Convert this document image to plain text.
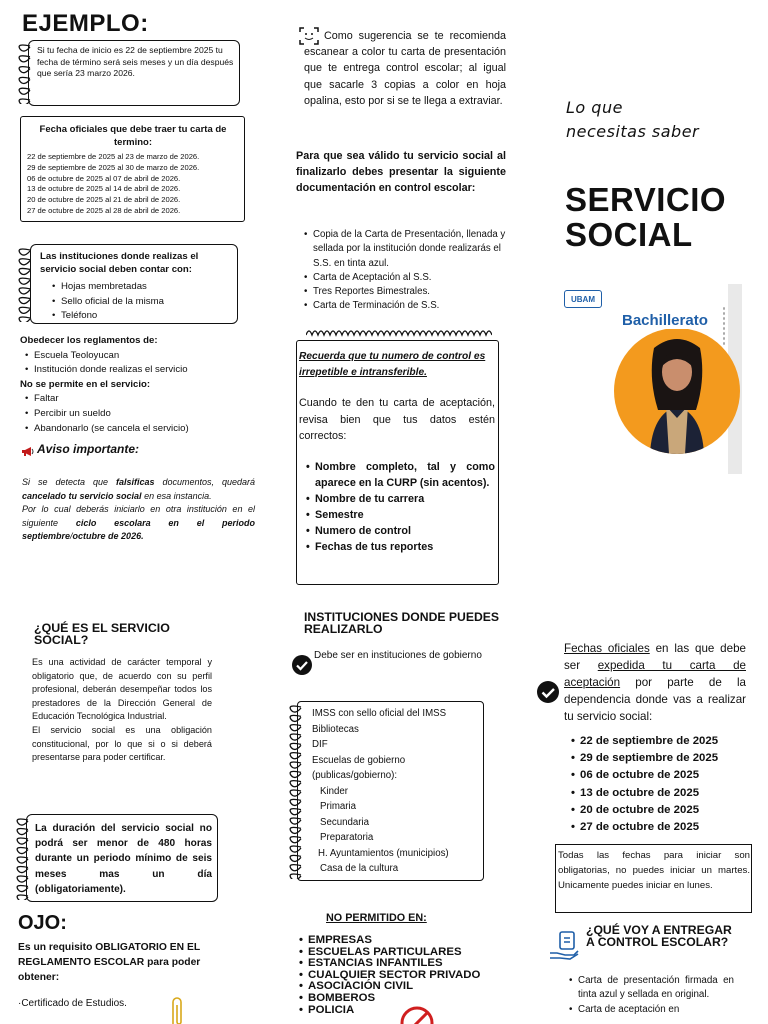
EJEMPLO:

Si tu fecha de inicio es 22 de septiembre 2025 tu fecha de término será seis meses y un día después que sería 23 marzo 2026.

Fecha oficiales que debe traer tu carta de termino:

22 de septiembre de 2025 al 23 de marzo de 2026.
29 de septiembre de 2025 al 30 de marzo de 2026.
06 de octubre de 2025 al 07 de abril de 2026.
13 de octubre de 2025 al 14 de abril de 2026.
20 de octubre de 2025 al 21 de abril de 2026.
27 de octubre de 2025 al 28 de abril de 2026.

Las instituciones donde realizas el servicio social deben contar con:

• Hojas membretadas
• Sello oficial de la misma
• Teléfono
Obedecer los reglamentos de:
• Escuela Teoloyucan
• Institución donde realizas el servicio
No se permite en el servicio:
• Faltar
• Percibir un sueldo
• Abandonarlo (se cancela el servicio)
Aviso importante:

Si se detecta que falsificas documentos, quedará cancelado tu servicio social en esa instancia.

Por lo cual deberás iniciarlo en otra institución en el siguiente ciclo escolara en el periodo septiembre/octubre de 2026.

Como sugerencia se te recomienda escanear a color tu carta de presentación que te entrega control escolar; al igual que sacarle 3 copias a color en hoja opalina, esto por si se te llega a extraviar.

Para que sea válido tu servicio social al finalizarlo debes presentar la siguiente documentación en control escolar:

• Copia de la Carta de Presentación, llenada y sellada por la institución donde realizarás el S.S. en tinta azul.
• Carta de Aceptación al S.S.
• Tres Reportes Bimestrales.
• Carta de Terminación de S.S.

Recuerda que tu numero de control es irrepetible e intransferible.

Cuando te den tu carta de aceptación, revisa bien que tus datos estén correctos:

• Nombre completo, tal y como aparece en la CURP (sin acentos).
• Nombre de tu carrera
• Semestre
• Numero de control
• Fechas de tus reportes
Lo que
necesitas saber
SERVICIO
SOCIAL
UBAM
Bachillerato

¿QUÉ ES EL SERVICIO SOCIAL?

Es una actividad de carácter temporal y obligatorio que, de acuerdo con su perfil profesional, deberán desempeñar todos los prestadores de la Dirección General de Educación Tecnológica Industrial.

El servicio social es una obligación constitucional, por lo que si o si deberá presentarse para poder certificar.

La duración del servicio social no podrá ser menor de 480 horas durante un periodo mínimo de seis meses mas un día (obligatoriamente).

OJO:

Es un requisito OBLIGATORIO EN EL REGLAMENTO ESCOLAR para poder obtener:

·Certificado de Estudios.

INSTITUCIONES DONDE PUEDES REALIZARLO

Debe ser en instituciones de gobierno

IMSS con sello oficial del IMSS
Bibliotecas
DIF
Escuelas de gobierno
(publicas/gobierno):
Kinder
Primaria
Secundaria
Preparatoria
H. Ayuntamientos (municipios)
Casa de la cultura

NO PERMITIDO EN:

• EMPRESAS
• ESCUELAS PARTICULARES
• ESTANCIAS INFANTILES
• CUALQUIER SECTOR PRIVADO
• ASOCIACIÓN CIVIL
• BOMBEROS
• POLICIA

Fechas oficiales en las que debe ser expedida tu carta de aceptación por parte de la dependencia donde vas a realizar tu servicio social:

• 22 de septiembre de 2025
• 29 de septiembre de 2025
• 06 de octubre de 2025
• 13 de octubre de 2025
• 20 de octubre de 2025
• 27 de octubre de 2025

Todas las fechas para iniciar son obligatorias, no puedes iniciar un martes. Unicamente puedes iniciar en lunes.

¿QUÉ VOY A ENTREGAR A CONTROL ESCOLAR?

• Carta de presentación firmada en tinta azul y sellada en original.
• Carta de aceptación en
